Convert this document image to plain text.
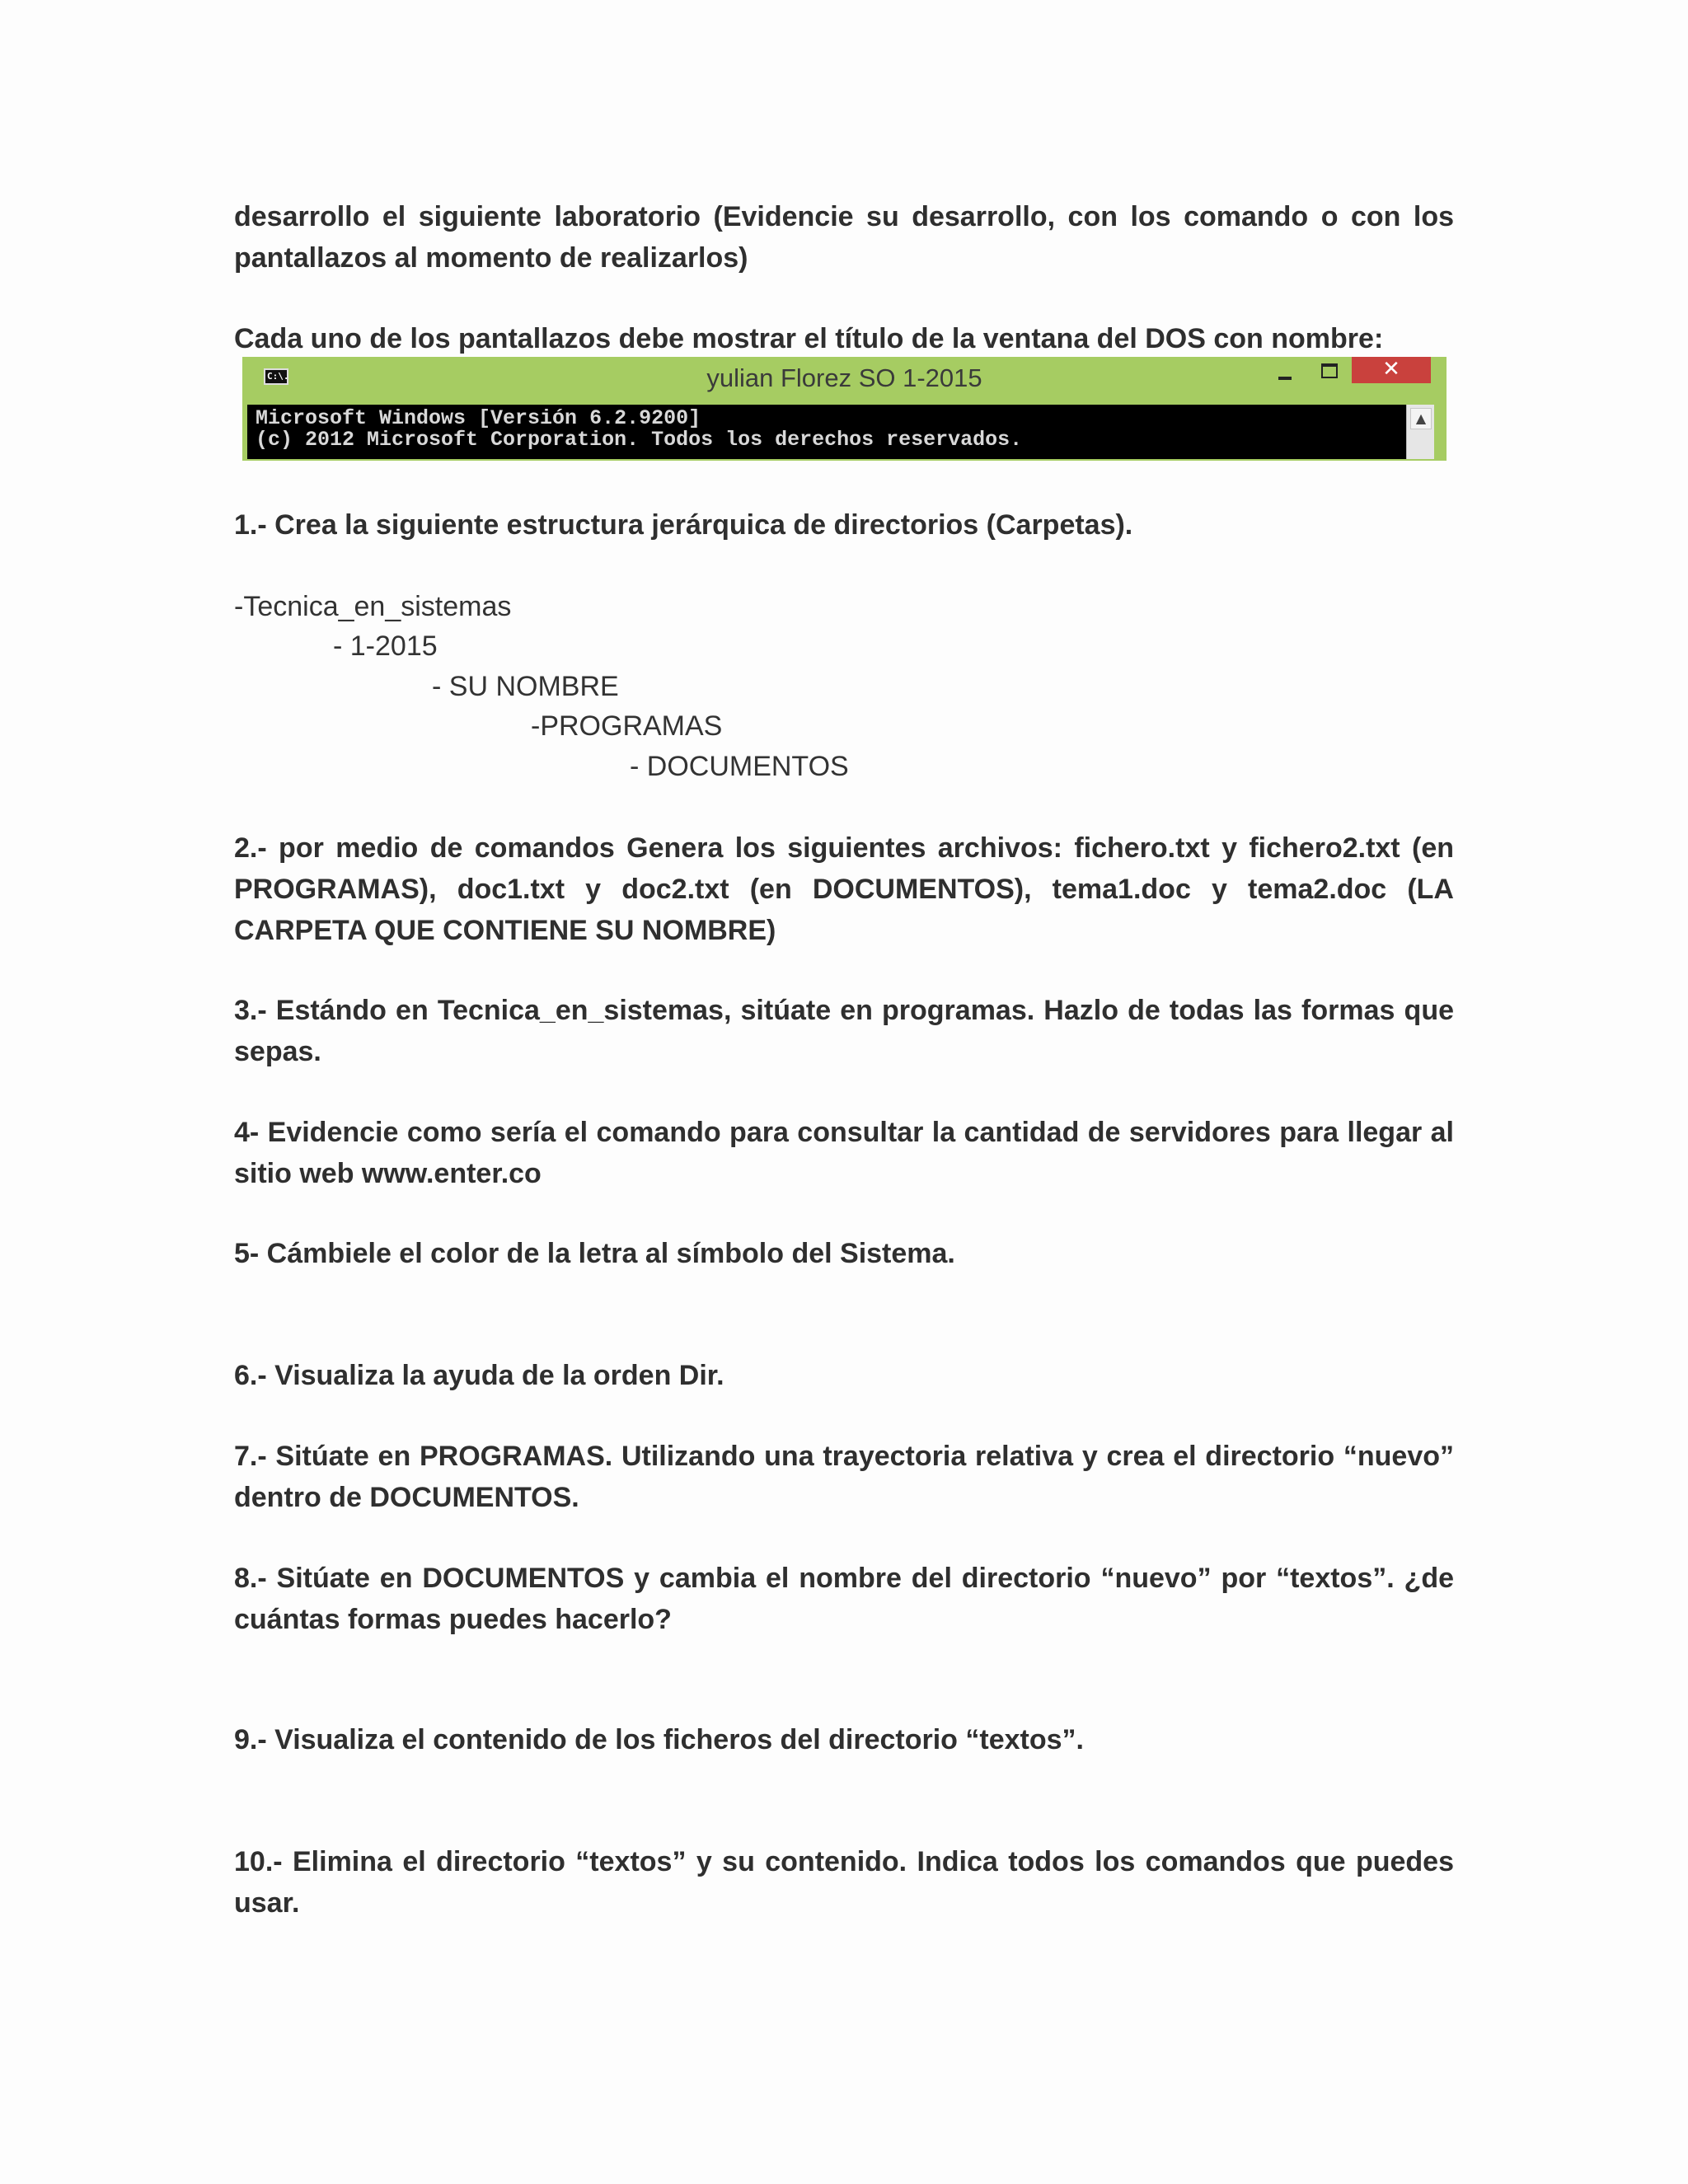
desarrollo el siguiente laboratorio (Evidencie su desarrollo, con los comando o con los pantallazos al momento de realizarlos)

Cada uno de los pantallazos debe mostrar el título de la ventana del DOS con nombre:

C:\.	yulian Florez SO 1-2015	✕
Microsoft Windows [Versión 6.2.9200]
(c) 2012 Microsoft Corporation. Todos los derechos reservados.
▲

1.- Crea la siguiente estructura jerárquica de directorios (Carpetas).

-Tecnica_en_sistemas
- 1-2015
- SU NOMBRE
-PROGRAMAS
- DOCUMENTOS

2.- por medio de comandos Genera los siguientes archivos: fichero.txt y fichero2.txt (en PROGRAMAS), doc1.txt y doc2.txt (en DOCUMENTOS), tema1.doc y tema2.doc (LA CARPETA QUE CONTIENE SU NOMBRE)

3.- Estándo en Tecnica_en_sistemas, sitúate en programas. Hazlo de todas las formas que sepas.

4- Evidencie como sería el comando para consultar la cantidad de servidores para llegar al sitio web www.enter.co

5- Cámbiele el color de la letra al símbolo del Sistema.

6.- Visualiza la ayuda de la orden Dir.

7.- Sitúate en PROGRAMAS. Utilizando una trayectoria relativa y crea el directorio “nuevo” dentro de DOCUMENTOS.

8.- Sitúate en DOCUMENTOS y cambia el nombre del directorio “nuevo” por “textos”. ¿de cuántas formas puedes hacerlo?

9.- Visualiza el contenido de los ficheros del directorio “textos”.

10.- Elimina el directorio “textos” y su contenido. Indica todos los comandos que puedes usar.
